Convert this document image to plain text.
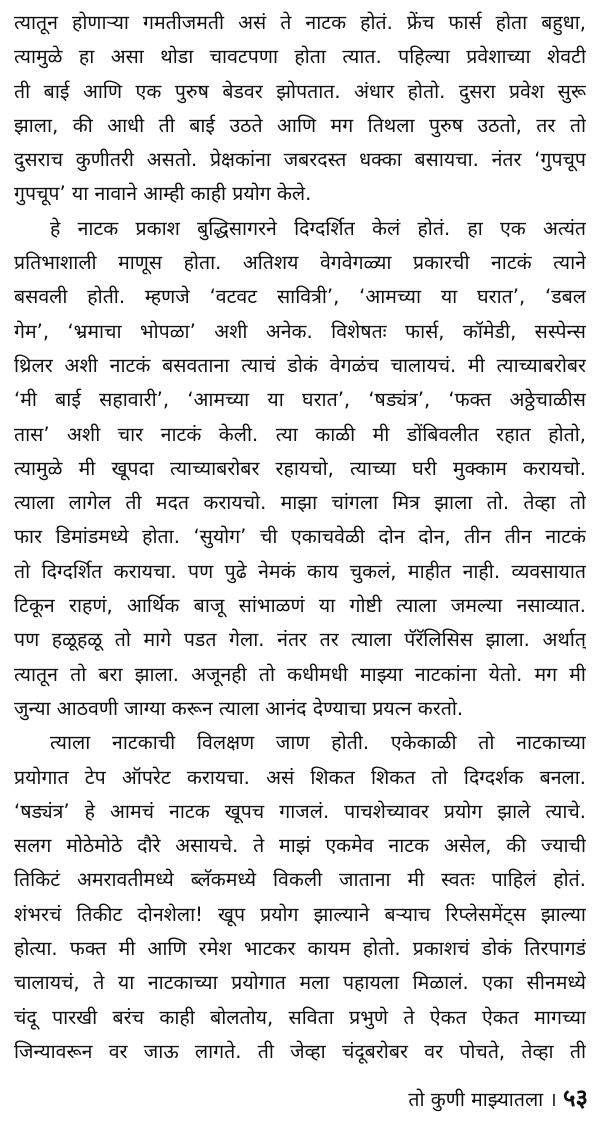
त्यातून होणाऱ्या गमतीजमती असं ते नाटक होतं. फ्रेंच फार्स होता बहुधा,
त्यामुळे हा असा थोडा चावटपणा होता त्यात. पहिल्या प्रवेशाच्या शेवटी
ती बाई आणि एक पुरुष बेडवर झोपतात. अंधार होतो. दुसरा प्रवेश सुरू
झाला, की आधी ती बाई उठते आणि मग तिथला पुरुष उठतो, तर तो
दुसराच कुणीतरी असतो. प्रेक्षकांना जबरदस्त धक्का बसायचा. नंतर ‘गुपचूप
गुपचूप’ या नावाने आम्ही काही प्रयोग केले.
हे नाटक प्रकाश बुद्धिसागरने दिग्दर्शित केलं होतं. हा एक अत्यंत
प्रतिभाशाली माणूस होता. अतिशय वेगवेगळ्या प्रकारची नाटकं त्याने
बसवली होती. म्हणजे ‘वटवट सावित्री’, ‘आमच्या या घरात’, ‘डबल
गेम’, ‘भ्रमाचा भोपळा’ अशी अनेक. विशेषतः फार्स, कॉमेडी, सस्पेन्स
थ्रिलर अशी नाटकं बसवताना त्याचं डोकं वेगळंच चालायचं. मी त्याच्याबरोबर
‘मी बाई सहावारी’, ‘आमच्या या घरात’, ‘षड्यंत्र’, ‘फक्त अठ्ठेचाळीस
तास’ अशी चार नाटकं केली. त्या काळी मी डोंबिवलीत रहात होतो,
त्यामुळे मी खूपदा त्याच्याबरोबर रहायचो, त्याच्या घरी मुक्काम करायचो.
त्याला लागेल ती मदत करायचो. माझा चांगला मित्र झाला तो. तेव्हा तो
फार डिमांडमध्ये होता. ‘सुयोग’ ची एकाचवेळी दोन दोन, तीन तीन नाटकं
तो दिग्दर्शित करायचा. पण पुढे नेमकं काय चुकलं, माहीत नाही. व्यवसायात
टिकून राहणं, आर्थिक बाजू सांभाळणं या गोष्टी त्याला जमल्या नसाव्यात.
पण हळूहळू तो मागे पडत गेला. नंतर तर त्याला पॅरॅलिसिस झाला. अर्थात्
त्यातून तो बरा झाला. अजूनही तो कधीमधी माझ्या नाटकांना येतो. मग मी
जुन्या आठवणी जाग्या करून त्याला आनंद देण्याचा प्रयत्न करतो.
त्याला नाटकाची विलक्षण जाण होती. एकेकाळी तो नाटकाच्या
प्रयोगात टेप ऑपरेट करायचा. असं शिकत शिकत तो दिग्दर्शक बनला.
‘षड्यंत्र’ हे आमचं नाटक खूपच गाजलं. पाचशेच्यावर प्रयोग झाले त्याचे.
सलग मोठेमोठे दौरे असायचे. ते माझं एकमेव नाटक असेल, की ज्याची
तिकिटं अमरावतीमध्ये ब्लॅकमध्ये विकली जाताना मी स्वतः पाहिलं होतं.
शंभरचं तिकीट दोनशेला! खूप प्रयोग झाल्याने बऱ्याच रिप्लेसमेंट्स झाल्या
होत्या. फक्त मी आणि रमेश भाटकर कायम होतो. प्रकाशचं डोकं तिरपागडं
चालायचं, ते या नाटकाच्या प्रयोगात मला पहायला मिळालं. एका सीनमध्ये
चंदू पारखी बरंच काही बोलतोय, सविता प्रभुणे ते ऐकत ऐकत मागच्या
जिन्यावरून वर जाऊ लागते. ती जेव्हा चंदूबरोबर वर पोचते, तेव्हा ती
तो कुणी माझ्यातला । ५३
